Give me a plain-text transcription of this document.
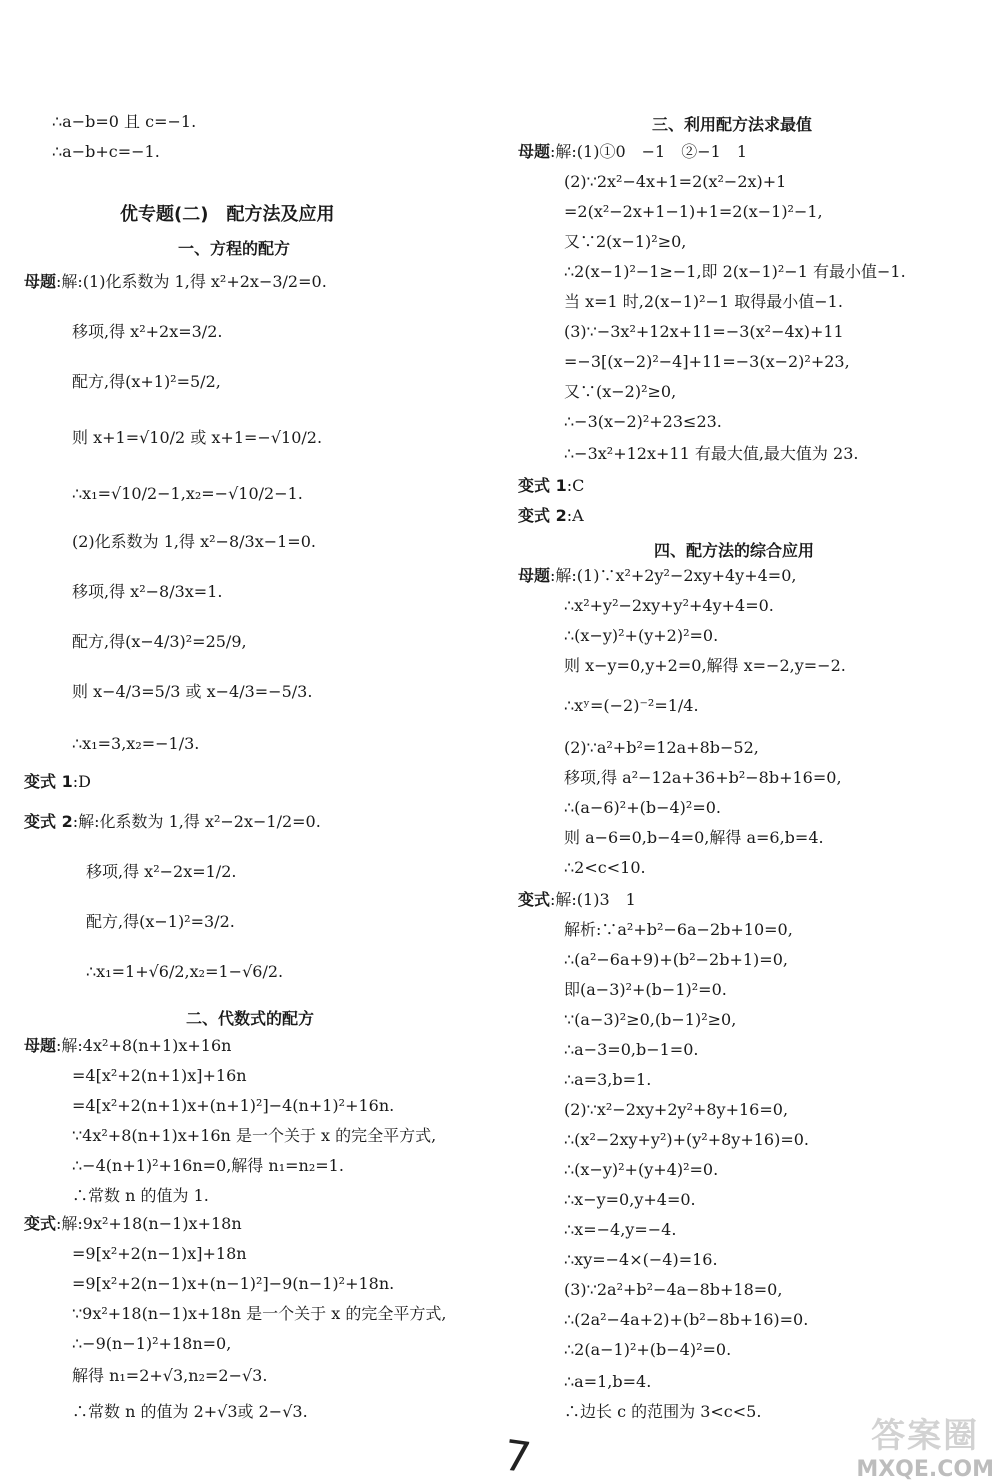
优专题(二)　配方法及应用
一、方程的配方
二、代数式的配方
∴a−b=0 且 c=−1.
∴a−b+c=−1.
母题:解:(1)化系数为 1,得 x²+2x−3/2=0.
移项,得 x²+2x=3/2.
配方,得(x+1)²=5/2,
则 x+1=√10/2 或 x+1=−√10/2.
∴x₁=√10/2−1,x₂=−√10/2−1.
(2)化系数为 1,得 x²−8/3x−1=0.
移项,得 x²−8/3x=1.
配方,得(x−4/3)²=25/9,
则 x−4/3=5/3 或 x−4/3=−5/3.
∴x₁=3,x₂=−1/3.
变式 1:D
变式 2:解:化系数为 1,得 x²−2x−1/2=0.
移项,得 x²−2x=1/2.
配方,得(x−1)²=3/2.
∴x₁=1+√6/2,x₂=1−√6/2.
母题:解:4x²+8(n+1)x+16n
=4[x²+2(n+1)x]+16n
=4[x²+2(n+1)x+(n+1)²]−4(n+1)²+16n.
∵4x²+8(n+1)x+16n 是一个关于 x 的完全平方式,
∴−4(n+1)²+16n=0,解得 n₁=n₂=1.
∴常数 n 的值为 1.
变式:解:9x²+18(n−1)x+18n
=9[x²+2(n−1)x]+18n
=9[x²+2(n−1)x+(n−1)²]−9(n−1)²+18n.
∵9x²+18(n−1)x+18n 是一个关于 x 的完全平方式,
∴−9(n−1)²+18n=0,
解得 n₁=2+√3,n₂=2−√3.
∴常数 n 的值为 2+√3或 2−√3.
三、利用配方法求最值
四、配方法的综合应用
母题:解:(1)①0　−1　②−1　1
(2)∵2x²−4x+1=2(x²−2x)+1
=2(x²−2x+1−1)+1=2(x−1)²−1,
又∵2(x−1)²≥0,
∴2(x−1)²−1≥−1,即 2(x−1)²−1 有最小值−1.
当 x=1 时,2(x−1)²−1 取得最小值−1.
(3)∵−3x²+12x+11=−3(x²−4x)+11
=−3[(x−2)²−4]+11=−3(x−2)²+23,
又∵(x−2)²≥0,
∴−3(x−2)²+23≤23.
∴−3x²+12x+11 有最大值,最大值为 23.
变式 1:C
变式 2:A
母题:解:(1)∵x²+2y²−2xy+4y+4=0,
∴x²+y²−2xy+y²+4y+4=0.
∴(x−y)²+(y+2)²=0.
则 x−y=0,y+2=0,解得 x=−2,y=−2.
∴xʸ=(−2)⁻²=1/4.
(2)∵a²+b²=12a+8b−52,
移项,得 a²−12a+36+b²−8b+16=0,
∴(a−6)²+(b−4)²=0.
则 a−6=0,b−4=0,解得 a=6,b=4.
∴2<c<10.
变式:解:(1)3　1
解析:∵a²+b²−6a−2b+10=0,
∴(a²−6a+9)+(b²−2b+1)=0,
即(a−3)²+(b−1)²=0.
∵(a−3)²≥0,(b−1)²≥0,
∴a−3=0,b−1=0.
∴a=3,b=1.
(2)∵x²−2xy+2y²+8y+16=0,
∴(x²−2xy+y²)+(y²+8y+16)=0.
∴(x−y)²+(y+4)²=0.
∴x−y=0,y+4=0.
∴x=−4,y=−4.
∴xy=−4×(−4)=16.
(3)∵2a²+b²−4a−8b+18=0,
∴(2a²−4a+2)+(b²−8b+16)=0.
∴2(a−1)²+(b−4)²=0.
∴a=1,b=4.
∴边长 c 的范围为 3<c<5.
7	答案圈
MXQE.COM
